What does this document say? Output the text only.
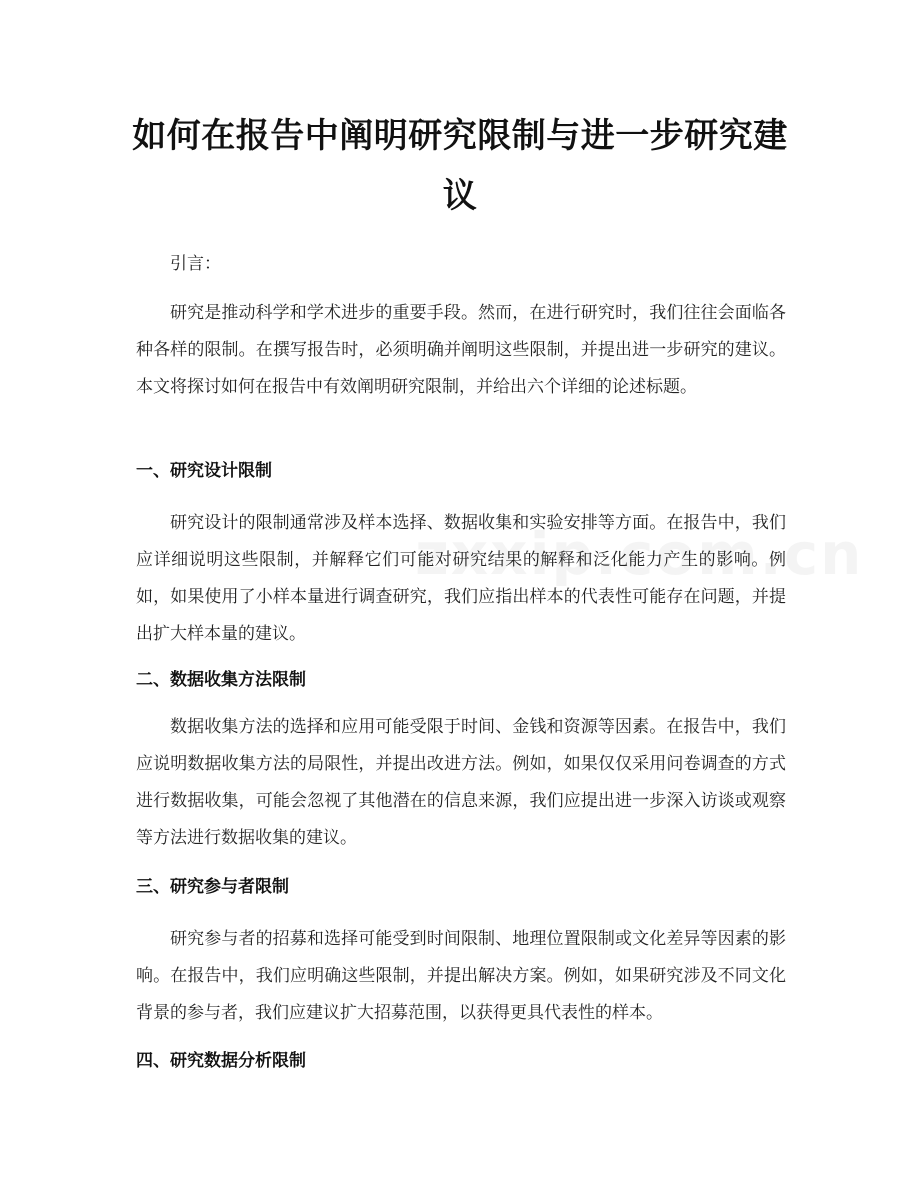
如何在报告中阐明研究限制与进一步研究建议

引言：

研究是推动科学和学术进步的重要手段。然而，在进行研究时，我们往往会面临各种各样的限制。在撰写报告时，必须明确并阐明这些限制，并提出进一步研究的建议。本文将探讨如何在报告中有效阐明研究限制，并给出六个详细的论述标题。

一、研究设计限制

研究设计的限制通常涉及样本选择、数据收集和实验安排等方面。在报告中，我们应详细说明这些限制，并解释它们可能对研究结果的解释和泛化能力产生的影响。例如，如果使用了小样本量进行调查研究，我们应指出样本的代表性可能存在问题，并提出扩大样本量的建议。

二、数据收集方法限制

数据收集方法的选择和应用可能受限于时间、金钱和资源等因素。在报告中，我们应说明数据收集方法的局限性，并提出改进方法。例如，如果仅仅采用问卷调查的方式进行数据收集，可能会忽视了其他潜在的信息来源，我们应提出进一步深入访谈或观察等方法进行数据收集的建议。

三、研究参与者限制

研究参与者的招募和选择可能受到时间限制、地理位置限制或文化差异等因素的影响。在报告中，我们应明确这些限制，并提出解决方案。例如，如果研究涉及不同文化背景的参与者，我们应建议扩大招募范围，以获得更具代表性的样本。

四、研究数据分析限制
